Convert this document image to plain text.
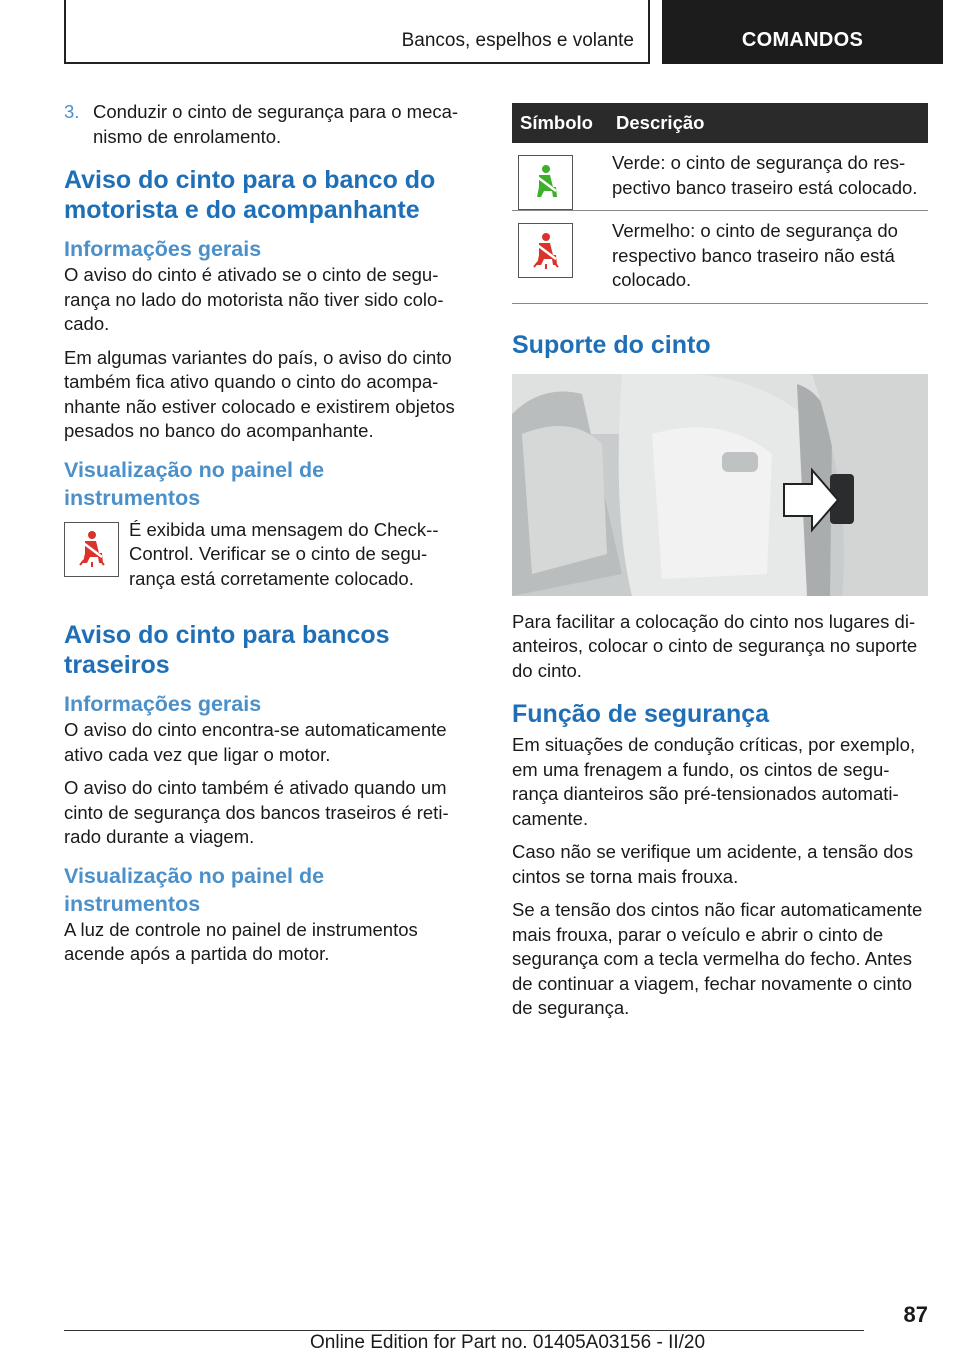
Bancos, espelhos e volante	COMANDOS
3. Conduzir o cinto de segurança para o mecanismo de enrolamento.
Aviso do cinto para o banco do motorista e do acompanhante
Informações gerais

O aviso do cinto é ativado se o cinto de segurança no lado do motorista não tiver sido colocado.

Em algumas variantes do país, o aviso do cinto também fica ativo quando o cinto do acompanhante não estiver colocado e existirem objetos pesados no banco do acompanhante.

Visualização no painel de instrumentos

É exibida uma mensagem do Check--Control. Verificar se o cinto de segurança está corretamente colocado.

Aviso do cinto para bancos traseiros
Informações gerais

O aviso do cinto encontra-se automaticamente ativo cada vez que ligar o motor.

O aviso do cinto também é ativado quando um cinto de segurança dos bancos traseiros é retirado durante a viagem.

Visualização no painel de instrumentos

A luz de controle no painel de instrumentos acende após a partida do motor.

Símbolo	Descrição

	Verde: o cinto de segurança do respectivo banco traseiro está colocado.

	Vermelho: o cinto de segurança do respectivo banco traseiro não está colocado.
Suporte do cinto

Para facilitar a colocação do cinto nos lugares dianteiros, colocar o cinto de segurança no suporte do cinto.

Função de segurança

Em situações de condução críticas, por exemplo, em uma frenagem a fundo, os cintos de segurança dianteiros são pré-tensionados automaticamente.

Caso não se verifique um acidente, a tensão dos cintos se torna mais frouxa.

Se a tensão dos cintos não ficar automaticamente mais frouxa, parar o veículo e abrir o cinto de segurança com a tecla vermelha do fecho. Antes de continuar a viagem, fechar novamente o cinto de segurança.

87
Online Edition for Part no. 01405A03156 - II/20
